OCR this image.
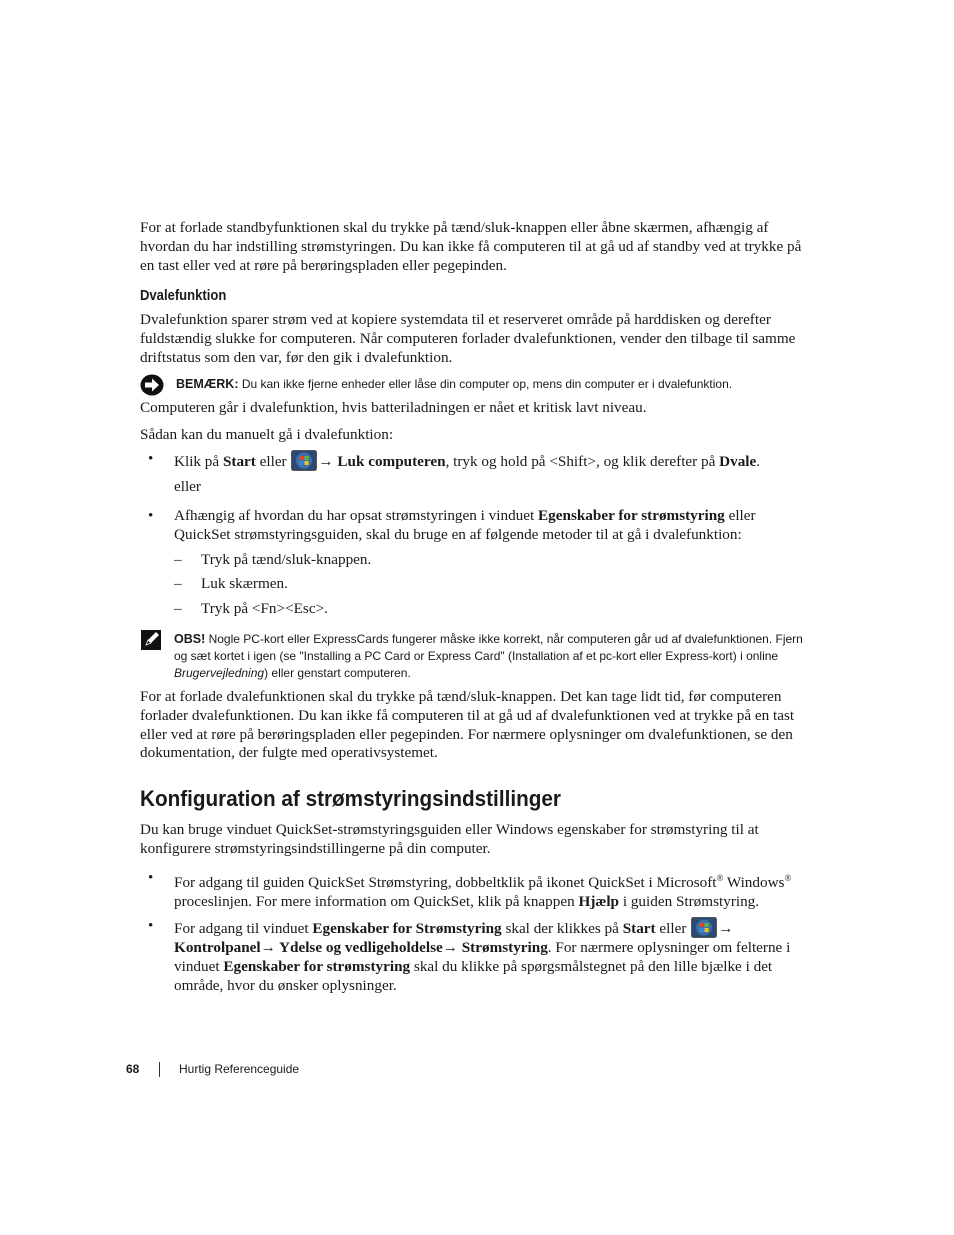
For at forlade standbyfunktionen skal du trykke på tænd/sluk-knappen eller åbne skærmen, afhængig af hvordan du har indstilling strømstyringen. Du kan ikke få computeren til at gå ud af standby ved at trykke på en tast eller ved at røre på berøringspladen eller pegepinden.

Dvalefunktion

Dvalefunktion sparer strøm ved at kopiere systemdata til et reserveret område på harddisken og derefter fuldstændig slukke for computeren. Når computeren forlader dvalefunktionen, vender den tilbage til samme driftstatus som den var, før den gik i dvalefunktion.

BEMÆRK: Du kan ikke fjerne enheder eller låse din computer op, mens din computer er i dvalefunktion.

Computeren går i dvalefunktion, hvis batteriladningen er nået et kritisk lavt niveau.

Sådan kan du manuelt gå i dvalefunktion:

• Klik på Start eller → Luk computeren, tryk og hold på <Shift>, og klik derefter på Dvale.

eller

• Afhængig af hvordan du har opsat strømstyringen i vinduet Egenskaber for strømstyring eller QuickSet strømstyringsguiden, skal du bruge en af følgende metoder til at gå i dvalefunktion:

– Tryk på tænd/sluk-knappen.

– Luk skærmen.

– Tryk på <Fn><Esc>.

OBS! Nogle PC-kort eller ExpressCards fungerer måske ikke korrekt, når computeren går ud af dvalefunktionen. Fjern og sæt kortet i igen (se "Installing a PC Card or Express Card" (Installation af et pc-kort eller Express-kort) i online Brugervejledning) eller genstart computeren.

For at forlade dvalefunktionen skal du trykke på tænd/sluk-knappen. Det kan tage lidt tid, før computeren forlader dvalefunktionen. Du kan ikke få computeren til at gå ud af dvalefunktionen ved at trykke på en tast eller ved at røre på berøringspladen eller pegepinden. For nærmere oplysninger om dvalefunktionen, se den dokumentation, der fulgte med operativsystemet.

Konfiguration af strømstyringsindstillinger

Du kan bruge vinduet QuickSet-strømstyringsguiden eller Windows egenskaber for strømstyring til at konfigurere strømstyringsindstillingerne på din computer.

• For adgang til guiden QuickSet Strømstyring, dobbeltklik på ikonet QuickSet i Microsoft® Windows® proceslinjen. For mere information om QuickSet, klik på knappen Hjælp i guiden Strømstyring.

• For adgang til vinduet Egenskaber for Strømstyring skal der klikkes på Start eller → Kontrolpanel→ Ydelse og vedligeholdelse→ Strømstyring. For nærmere oplysninger om felterne i vinduet Egenskaber for strømstyring skal du klikke på spørgsmålstegnet på den lille bjælke i det område, hvor du ønsker oplysninger.

68	Hurtig Referenceguide
